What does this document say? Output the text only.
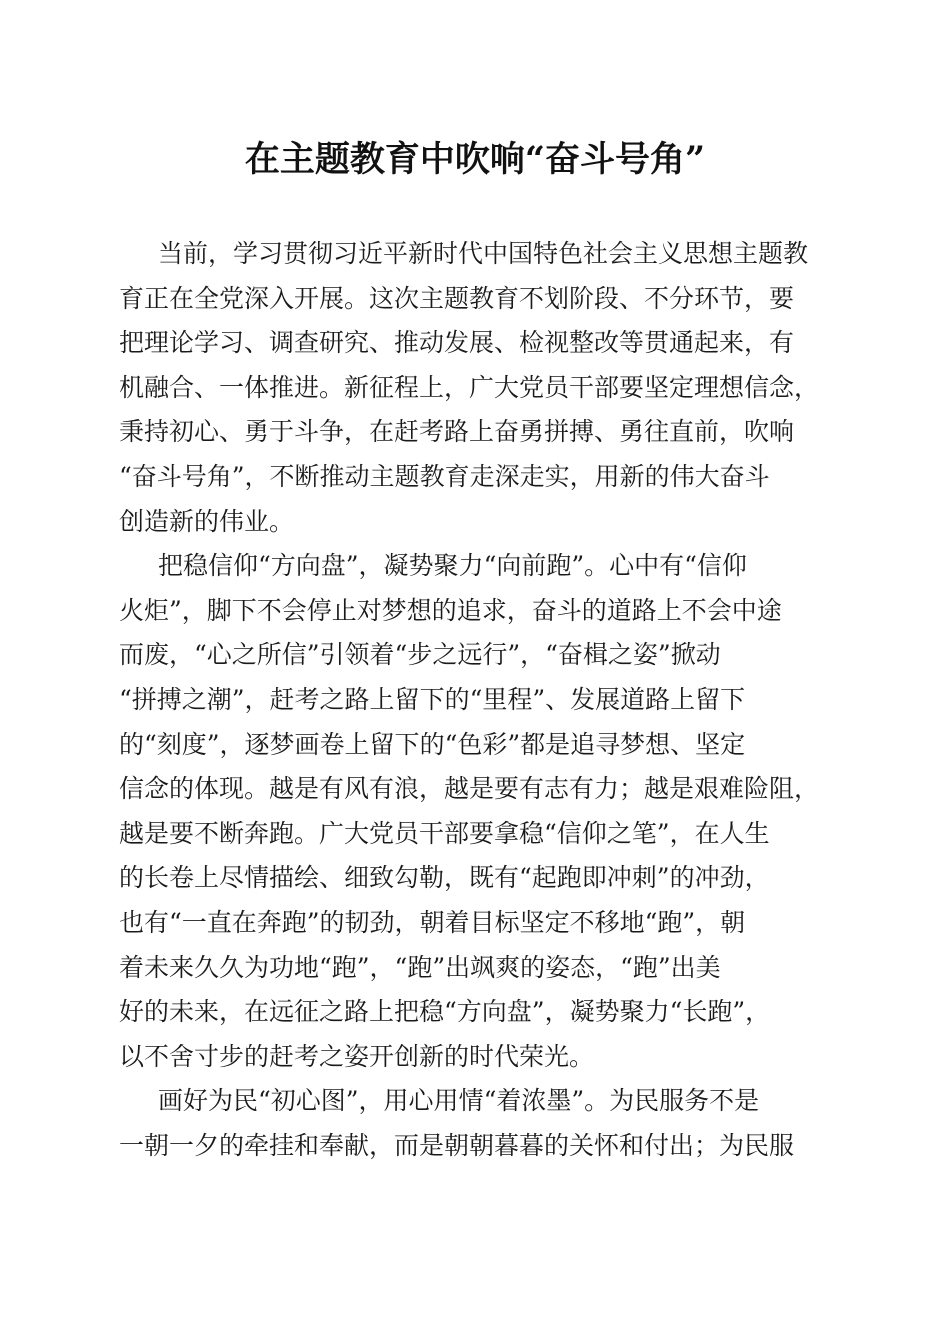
在主题教育中吹响“奋斗号角”

当前，学习贯彻习近平新时代中国特色社会主义思想主题教
育正在全党深入开展。这次主题教育不划阶段、不分环节，要
把理论学习、调查研究、推动发展、检视整改等贯通起来，有
机融合、一体推进。新征程上，广大党员干部要坚定理想信念，
秉持初心、勇于斗争，在赶考路上奋勇拼搏、勇往直前，吹响
“奋斗号角”，不断推动主题教育走深走实，用新的伟大奋斗
创造新的伟业。

把稳信仰“方向盘”，凝势聚力“向前跑”。心中有“信仰
火炬”，脚下不会停止对梦想的追求，奋斗的道路上不会中途
而废，“心之所信”引领着“步之远行”，“奋楫之姿”掀动
“拼搏之潮”，赶考之路上留下的“里程”、发展道路上留下
的“刻度”，逐梦画卷上留下的“色彩”都是追寻梦想、坚定
信念的体现。越是有风有浪，越是要有志有力；越是艰难险阻，
越是要不断奔跑。广大党员干部要拿稳“信仰之笔”，在人生
的长卷上尽情描绘、细致勾勒，既有“起跑即冲刺”的冲劲，
也有“一直在奔跑”的韧劲，朝着目标坚定不移地“跑”，朝
着未来久久为功地“跑”，“跑”出飒爽的姿态，“跑”出美
好的未来，在远征之路上把稳“方向盘”，凝势聚力“长跑”，
以不舍寸步的赶考之姿开创新的时代荣光。

画好为民“初心图”，用心用情“着浓墨”。为民服务不是
一朝一夕的牵挂和奉献，而是朝朝暮暮的关怀和付出；为民服
